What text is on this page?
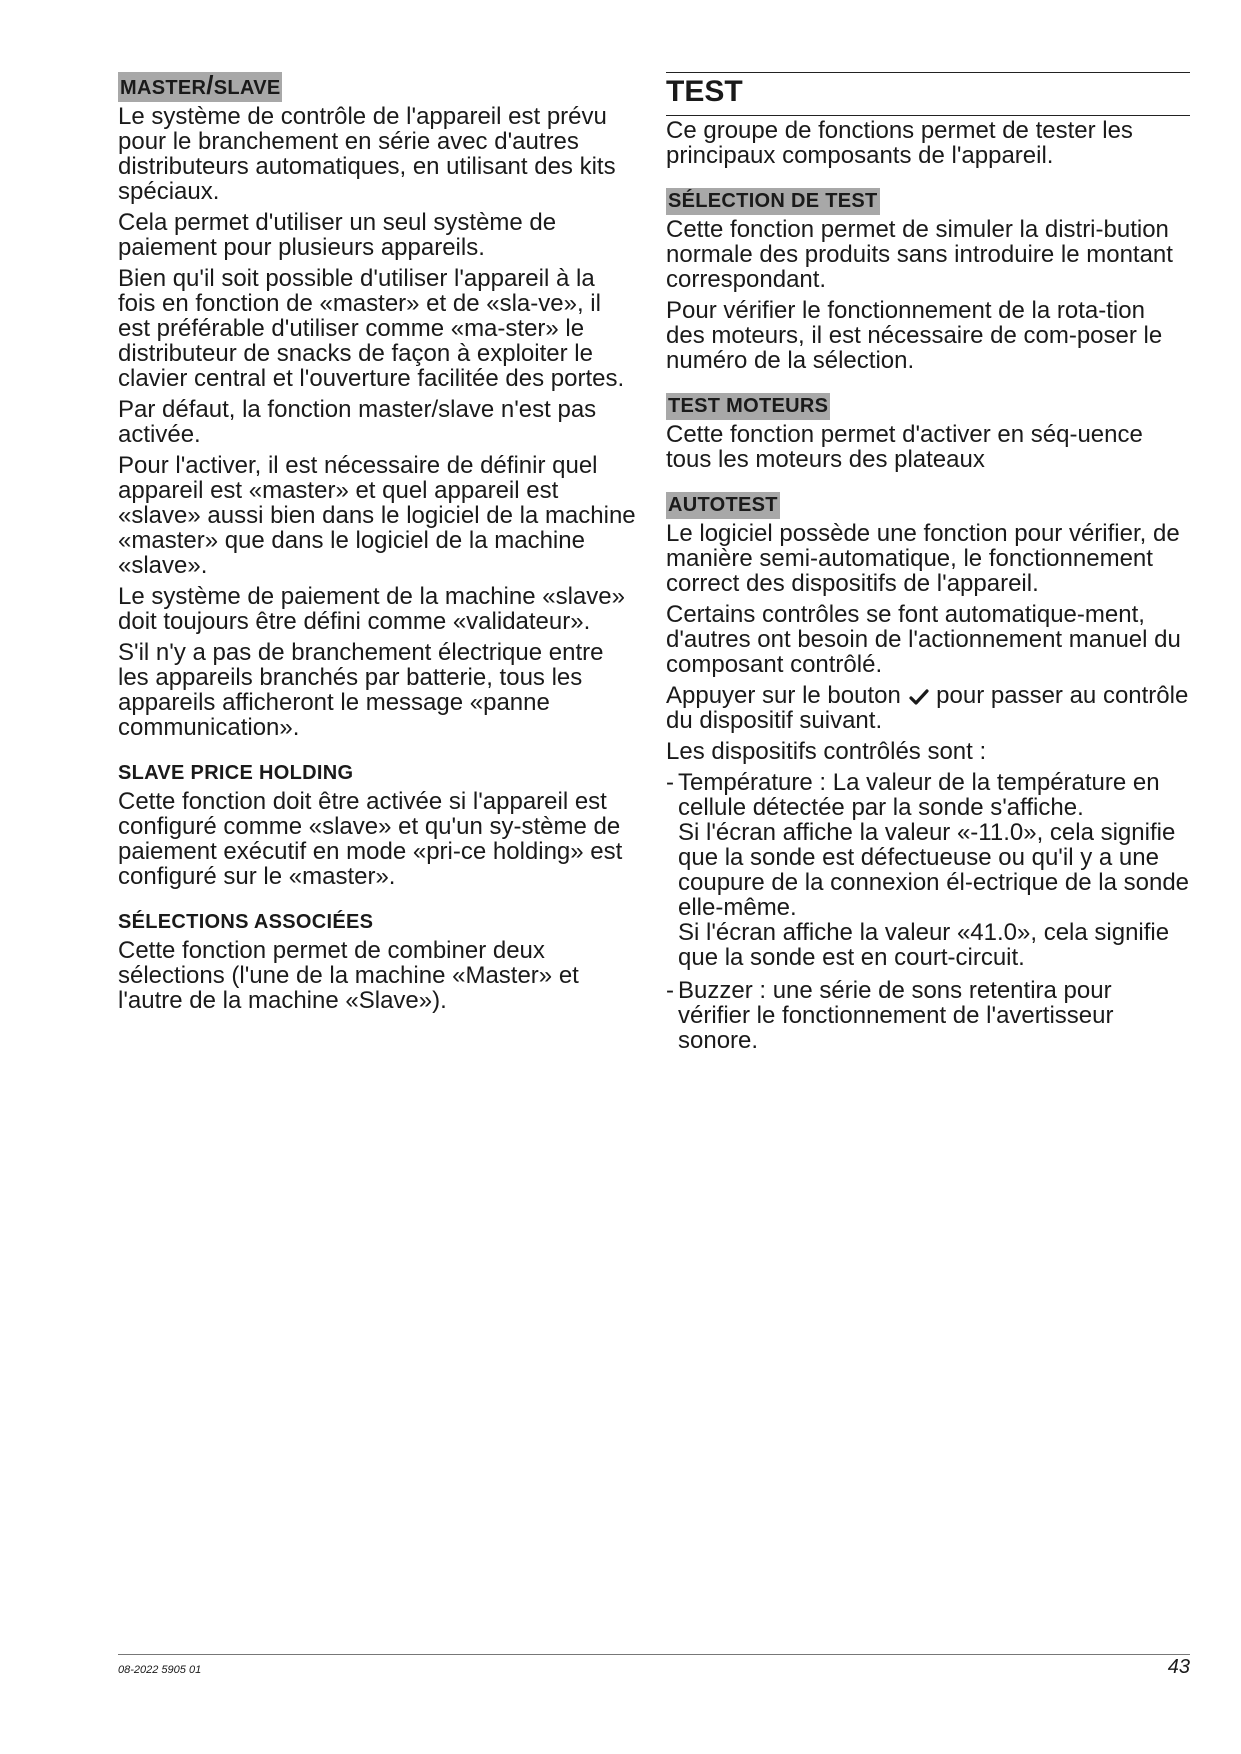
MASTER/SLAVE

Le système de contrôle de l'appareil est prévu pour le branchement en série avec d'autres distributeurs automatiques, en utilisant des kits spéciaux.

Cela permet d'utiliser un seul système de paiement pour plusieurs appareils.

Bien qu'il soit possible d'utiliser l'appareil à la fois en fonction de «master» et de «sla-ve», il est préférable d'utiliser comme «ma-ster» le distributeur de snacks de façon à exploiter le clavier central et l'ouverture facilitée des portes.

Par défaut, la fonction master/slave n'est pas activée.

Pour l'activer, il est nécessaire de définir quel appareil est «master» et quel appareil est «slave» aussi bien dans le logiciel de la machine «master» que dans le logiciel de la machine «slave».

Le système de paiement de la machine «slave» doit toujours être défini comme «validateur».

S'il n'y a pas de branchement électrique entre les appareils branchés par batterie, tous les appareils afficheront le message «panne communication».

SLAVE PRICE HOLDING

Cette fonction doit être activée si l'appareil est configuré comme «slave» et qu'un sy-stème de paiement exécutif en mode «pri-ce holding» est configuré sur le «master».

SÉLECTIONS ASSOCIÉES

Cette fonction permet de combiner deux sélections (l'une de la machine «Master» et l'autre de la machine «Slave»).

TEST

Ce groupe de fonctions permet de tester les principaux composants de l'appareil.

SÉLECTION DE TEST

Cette fonction permet de simuler la distri-bution normale des produits sans introduire le montant correspondant.

Pour vérifier le fonctionnement de la rota-tion des moteurs, il est nécessaire de com-poser le numéro de la sélection.

TEST MOTEURS

Cette fonction permet d'activer en séq-uence tous les moteurs des plateaux

AUTOTEST

Le logiciel possède une fonction pour vérifier, de manière semi-automatique, le fonctionnement correct des dispositifs de l'appareil.

Certains contrôles se font automatique-ment, d'autres ont besoin de l'actionnement manuel du composant contrôlé.

Appuyer sur le bouton pour passer au contrôle du dispositif suivant.

Les dispositifs contrôlés sont :

- Température : La valeur de la température en cellule détectée par la sonde s'affiche.
Si l'écran affiche la valeur «-11.0», cela signifie que la sonde est défectueuse ou qu'il y a une coupure de la connexion él-ectrique de la sonde elle-même.
Si l'écran affiche la valeur «41.0», cela signifie que la sonde est en court-circuit.
- Buzzer : une série de sons retentira pour vérifier le fonctionnement de l'avertisseur sonore.
08-2022 5905 01	43
